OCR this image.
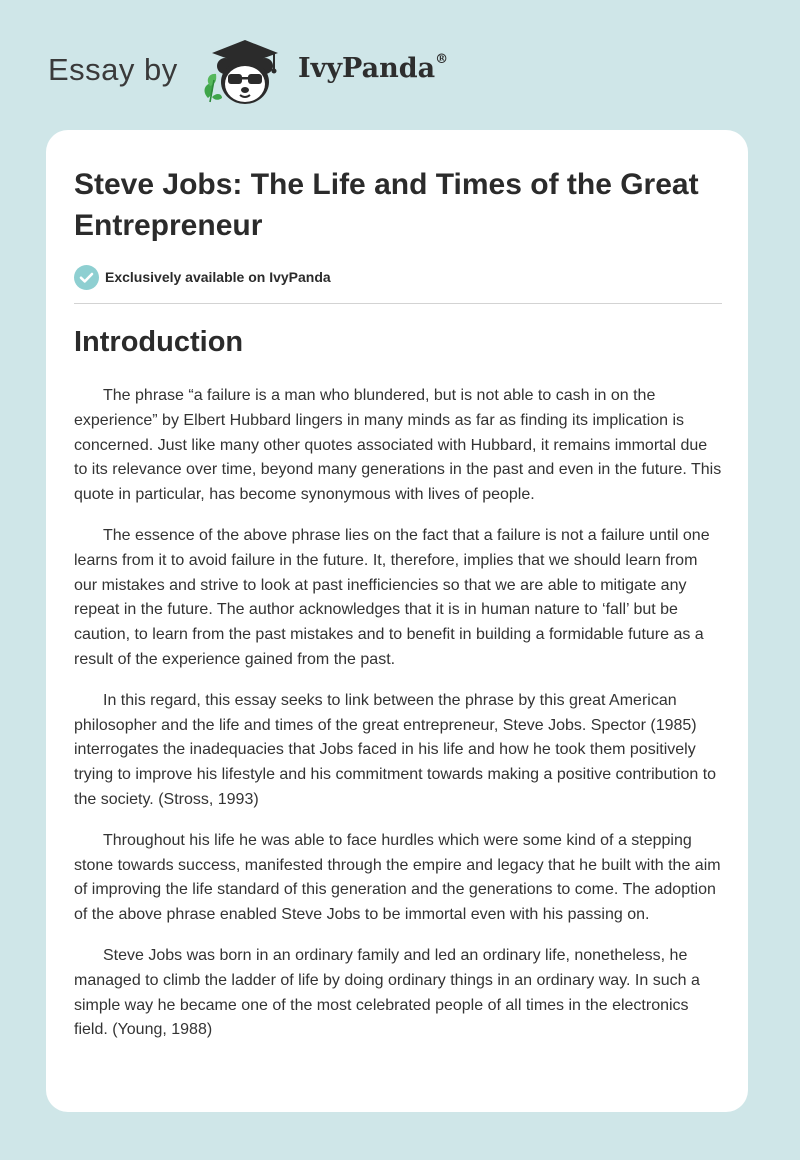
Essay by	IvyPanda®
Steve Jobs: The Life and Times of the Great Entrepreneur
Exclusively available on IvyPanda
Introduction

The phrase “a failure is a man who blundered, but is not able to cash in on the experience” by Elbert Hubbard lingers in many minds as far as finding its implication is concerned. Just like many other quotes associated with Hubbard, it remains immortal due to its relevance over time, beyond many generations in the past and even in the future. This quote in particular, has become synonymous with lives of people.

The essence of the above phrase lies on the fact that a failure is not a failure until one learns from it to avoid failure in the future. It, therefore, implies that we should learn from our mistakes and strive to look at past inefficiencies so that we are able to mitigate any repeat in the future. The author acknowledges that it is in human nature to ‘fall’ but be caution, to learn from the past mistakes and to benefit in building a formidable future as a result of the experience gained from the past.

In this regard, this essay seeks to link between the phrase by this great American philosopher and the life and times of the great entrepreneur, Steve Jobs. Spector (1985) interrogates the inadequacies that Jobs faced in his life and how he took them positively trying to improve his lifestyle and his commitment towards making a positive contribution to the society. (Stross, 1993)

Throughout his life he was able to face hurdles which were some kind of a stepping stone towards success, manifested through the empire and legacy that he built with the aim of improving the life standard of this generation and the generations to come. The adoption of the above phrase enabled Steve Jobs to be immortal even with his passing on.

Steve Jobs was born in an ordinary family and led an ordinary life, nonetheless, he managed to climb the ladder of life by doing ordinary things in an ordinary way. In such a simple way he became one of the most celebrated people of all times in the electronics field. (Young, 1988)
